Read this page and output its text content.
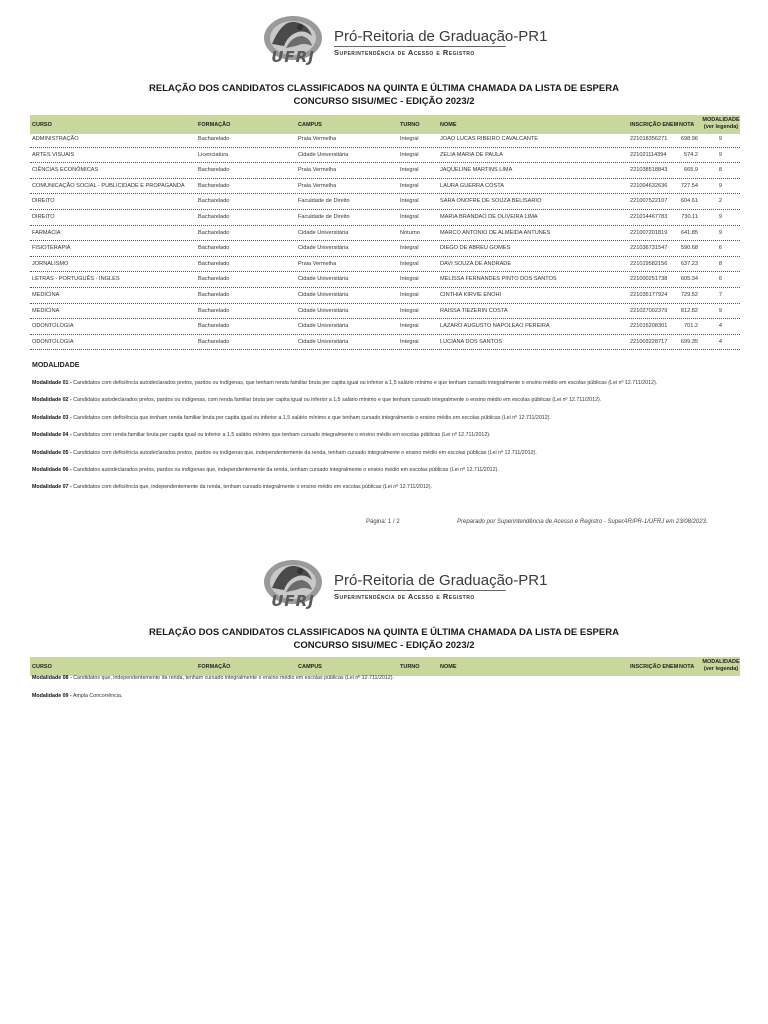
UFRJ
Pró-Reitoria de Graduação-PR1
Superintendência de Acesso e Registro
RELAÇÃO DOS CANDIDATOS CLASSIFICADOS NA QUINTA E ÚLTIMA CHAMADA DA LISTA DE ESPERA
CONCURSO SISU/MEC - EDIÇÃO 2023/2
CURSO	FORMAÇÃO	CAMPUS	TURNO	NOME	INSCRIÇÃO ENEM NOTA
MODALIDADE
(ver legenda)
ADMINISTRAÇÃO	Bacharelado	Praia Vermelha	Integral	JOAO LUCAS RIBEIRO CAVALCANTE	221018356271 698.96	9
ARTES VISUAIS	Licenciatura	Cidade Universitária	Integral	ZELIA MARIA DE PAULA	221021114394	574.2	9
CIÊNCIAS ECONÔMICAS	Bacharelado	Praia Vermelha	Integral	JAQUELINE MARTINS LIMA	221038518843	665.9	8
COMUNICAÇÃO SOCIAL - PUBLICIDADE E PROPAGANDA Bacharelado	Praia Vermelha	Integral	LAURA GUERRA COSTA	221004632636 727.54	9
DIREITO	Bacharelado	Faculdade de Direito	Integral	SARA ONOFRE DE SOUZA BELISARIO	221007522107 604.61	2
DIREITO	Bacharelado	Faculdade de Direito	Integral	MARIA BRANDAO DE OLIVEIRA LIMA	221014467783 730.11	9
FARMÁCIA	Bacharelado	Cidade Universitária	Noturno	MARCO ANTONIO DE ALMEIDA ANTUNES	221007201819 641.85	9
FISIOTERAPIA	Bacharelado	Cidade Universitária	Integral	DIEGO DE ABREU GOMES	221036731547 590.68	6
JORNALISMO	Bacharelado	Praia Vermelha	Integral	DAVI SOUZA DE ANDRADE	221019582156 637.23	8
LETRAS - PORTUGUÊS - INGLES	Bacharelado	Cidade Universitária	Integral	MELISSA FERNANDES PINTO DOS SANTOS	221000251738 605.34	6
MEDICINA	Bacharelado	Cidade Universitária	Integral	CINTHIA KIRVIE ENOHI	221035177924 729.52	7
MEDICINA	Bacharelado	Cidade Universitária	Integral	RAISSA TIEZERIN COSTA	221027002379 812.82	9
ODONTOLOGIA	Bacharelado	Cidade Universitária	Integral	LAZARO AUGUSTO NAPOLEAO PEREIRA	221015208301	701.2	4
ODONTOLOGIA	Bacharelado	Cidade Universitária	Integral	LUCIANA DOS SANTOS	221003228717 699.35	4
MODALIDADE
Modalidade 01 - Candidatos com deficiência autodeclarados pretos, pardos ou indígenas, que tenham renda familiar bruta per capita igual ou inferior a 1,5 salário mínimo e que tenham cursado integralmente o ensino médio em escolas públicas (Lei nº 12.711/2012).
Modalidade 02 - Candidatos autodeclarados pretos, pardos ou indígenas, com renda familiar bruta per capita igual ou inferior a 1,5 salário mínimo e que tenham cursado integralmente o ensino médio em escolas públicas (Lei nº 12.711/2012).
Modalidade 03 - Candidatos com deficiência que tenham renda familiar bruta per capita igual ou inferior a 1,5 salário mínimo e que tenham cursado integralmente o ensino médio em escolas públicas (Lei nº 12.711/2012).
Modalidade 04 - Candidatos com renda familiar bruta per capita igual ou inferior a 1,5 salário mínimo que tenham cursado integralmente o ensino médio em escolas públicas (Lei nº 12.711/2012).
Modalidade 05 - Candidatos com deficiência autodeclarados pretos, pardos ou indígenas que, independentemente da renda, tenham cursado integralmente o ensino médio em escolas públicas (Lei nº 12.711/2012).
Modalidade 06 - Candidatos autodeclarados pretos, pardos ou indígenas que, independentemente da renda, tenham cursado integralmente o ensino médio em escolas públicas (Lei nº 12.711/2012).
Modalidade 07 - Candidatos com deficiência que, independentemente da renda, tenham cursado integralmente o ensino médio em escolas públicas (Lei nº 12.711/2012).
Página: 1 / 2	Preparado por Superintendência de Acesso e Registro - SuperAR/PR-1/UFRJ em 23/08/2023.
UFRJ
Pró-Reitoria de Graduação-PR1
Superintendência de Acesso e Registro
RELAÇÃO DOS CANDIDATOS CLASSIFICADOS NA QUINTA E ÚLTIMA CHAMADA DA LISTA DE ESPERA
CONCURSO SISU/MEC - EDIÇÃO 2023/2
CURSO	FORMAÇÃO	CAMPUS	TURNO	NOME	INSCRIÇÃO ENEM NOTA
MODALIDADE
(ver legenda)
Modalidade 08 - Candidatos que, independentemente da renda, tenham cursado integralmente o ensino médio em escolas públicas (Lei nº 12.711/2012).
Modalidade 09 - Ampla Concorrência.
